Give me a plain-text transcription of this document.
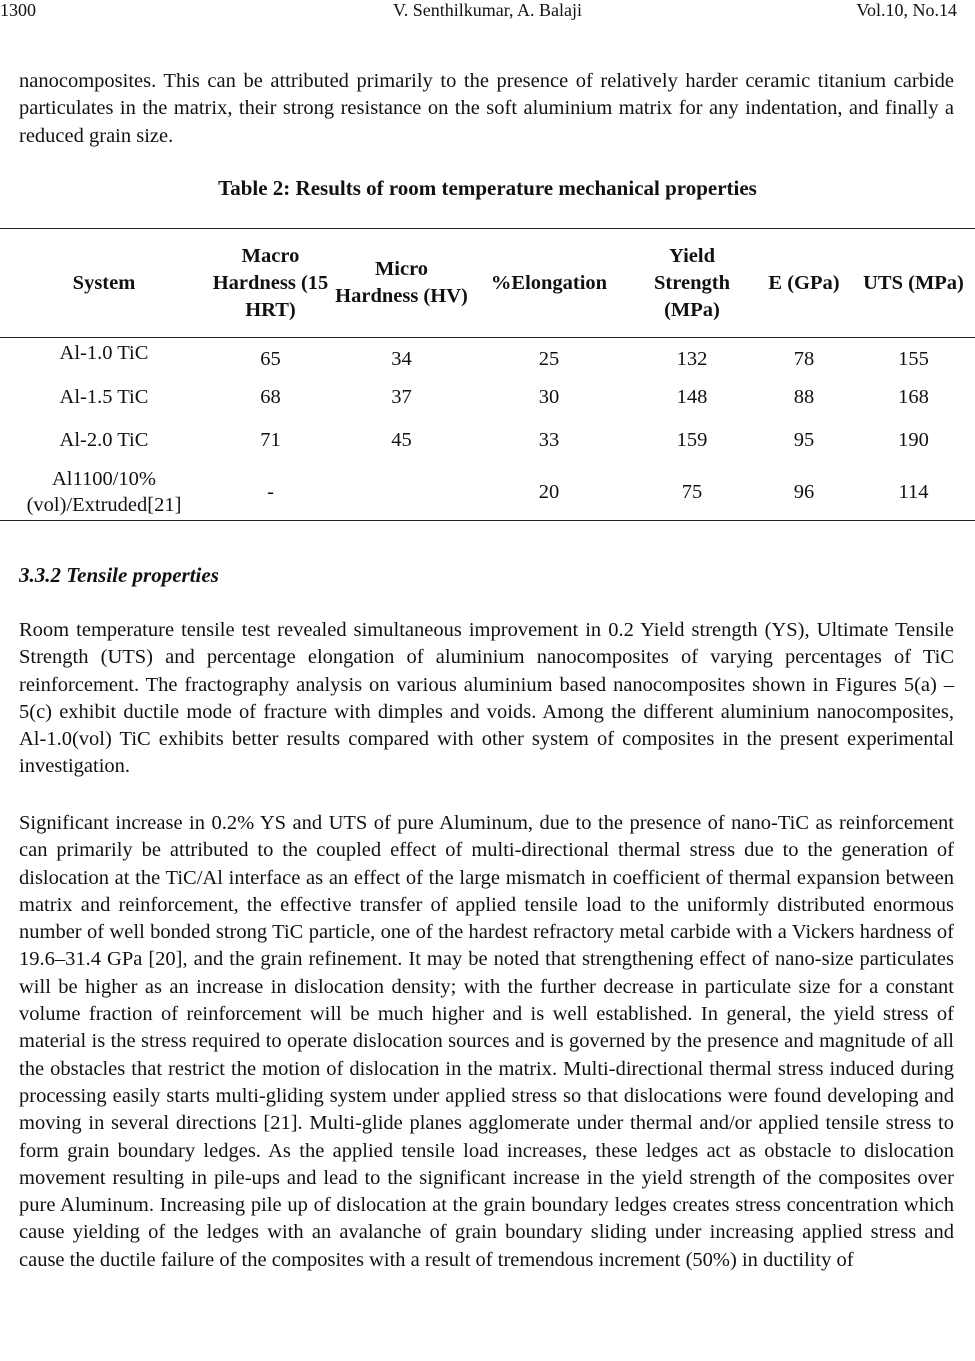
1300	V. Senthilkumar, A. Balaji	Vol.10, No.14

nanocomposites. This can be attributed primarily to the presence of relatively harder ceramic titanium carbide particulates in the matrix, their strong resistance on the soft aluminium matrix for any indentation, and finally a reduced grain size.

Table 2: Results of room temperature mechanical properties

System	Macro Hardness (15 HRT)	Micro Hardness (HV)	%Elongation	Yield Strength (MPa)	E (GPa)	UTS (MPa)
Al-1.0 TiC	65	34	25	132	78	155
Al-1.5 TiC	68	37	30	148	88	168
Al-2.0 TiC	71	45	33	159	95	190
Al1100/10% (vol)/Extruded[21]	-		20	75	96	114

3.3.2 Tensile properties

Room temperature tensile test revealed simultaneous improvement in 0.2 Yield strength (YS), Ultimate Tensile Strength (UTS) and percentage elongation of aluminium nanocomposites of varying percentages of TiC reinforcement. The fractography analysis on various aluminium based nanocomposites shown in Figures 5(a) – 5(c) exhibit ductile mode of fracture with dimples and voids. Among the different aluminium nanocomposites, Al-1.0(vol) TiC exhibits better results compared with other system of composites in the present experimental investigation.

Significant increase in 0.2% YS and UTS of pure Aluminum, due to the presence of nano-TiC as reinforcement can primarily be attributed to the coupled effect of multi-directional thermal stress due to the generation of dislocation at the TiC/Al interface as an effect of the large mismatch in coefficient of thermal expansion between matrix and reinforcement, the effective transfer of applied tensile load to the uniformly distributed enormous number of well bonded strong TiC particle, one of the hardest refractory metal carbide with a Vickers hardness of 19.6–31.4 GPa [20], and the grain refinement. It may be noted that strengthening effect of nano-size particulates will be higher as an increase in dislocation density; with the further decrease in particulate size for a constant volume fraction of reinforcement will be much higher and is well established. In general, the yield stress of material is the stress required to operate dislocation sources and is governed by the presence and magnitude of all the obstacles that restrict the motion of dislocation in the matrix. Multi-directional thermal stress induced during processing easily starts multi-gliding system under applied stress so that dislocations were found developing and moving in several directions [21]. Multi-glide planes agglomerate under thermal and/or applied tensile stress to form grain boundary ledges. As the applied tensile load increases, these ledges act as obstacle to dislocation movement resulting in pile-ups and lead to the significant increase in the yield strength of the composites over pure Aluminum. Increasing pile up of dislocation at the grain boundary ledges creates stress concentration which cause yielding of the ledges with an avalanche of grain boundary sliding under increasing applied stress and cause the ductile failure of the composites with a result of tremendous increment (50%) in ductility of
